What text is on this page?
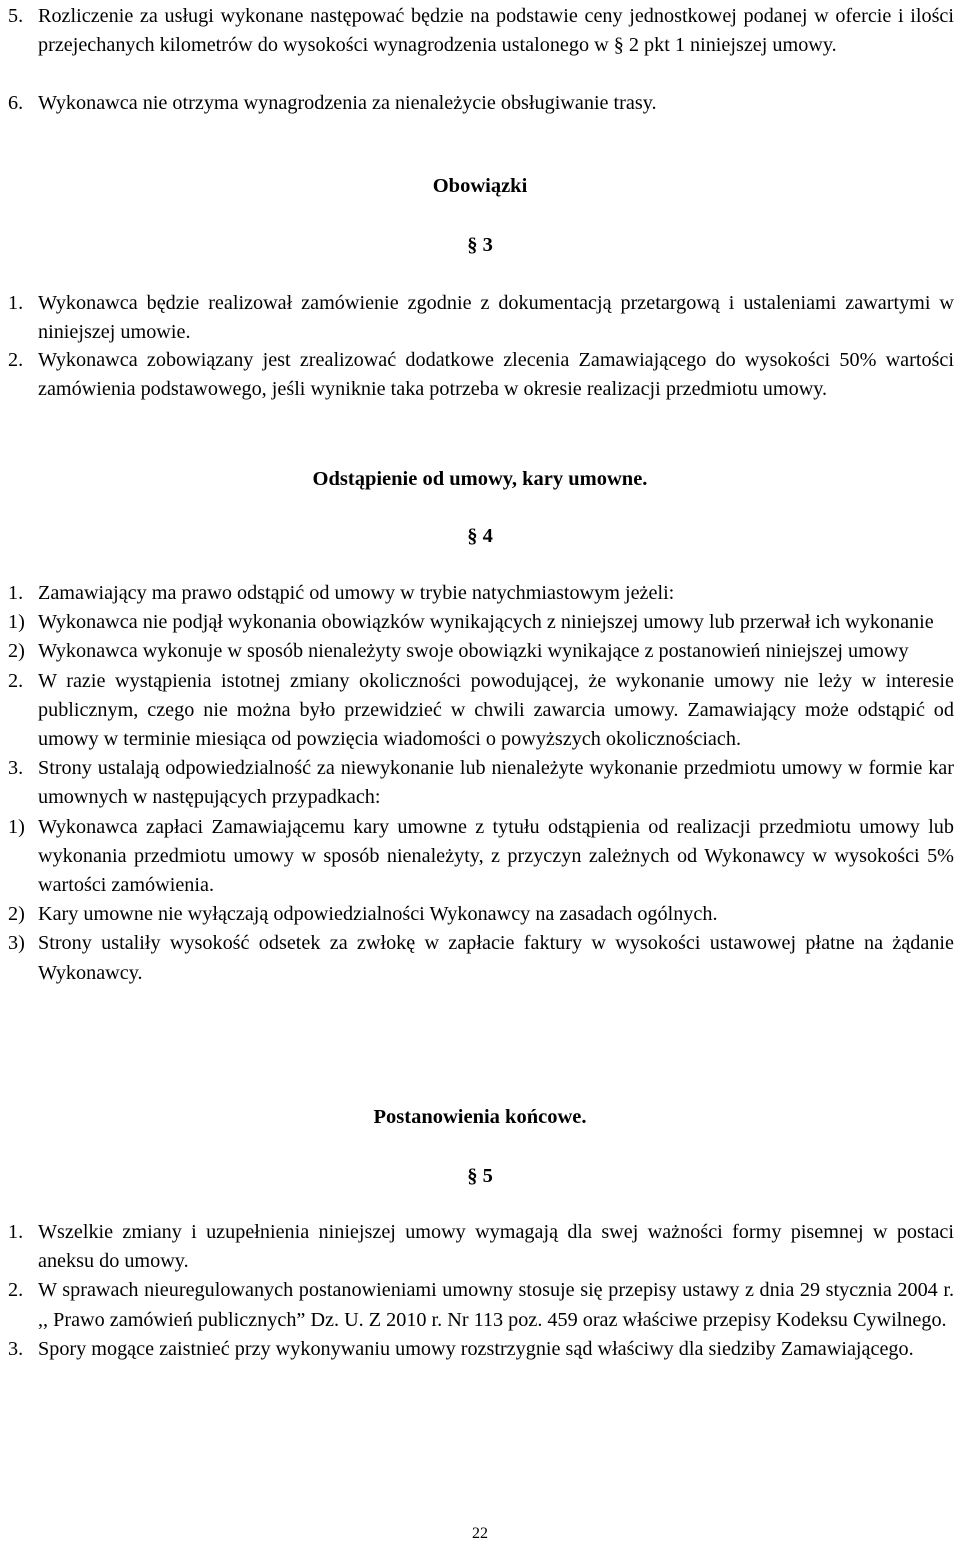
5. Rozliczenie za usługi wykonane następować będzie na podstawie ceny jednostkowej podanej w ofercie i ilości przejechanych kilometrów do wysokości wynagrodzenia ustalonego w § 2 pkt 1 niniejszej umowy.
6. Wykonawca nie otrzyma wynagrodzenia za nienależycie obsługiwanie trasy.
Obowiązki
§ 3
1. Wykonawca będzie realizował zamówienie zgodnie z dokumentacją przetargową i ustaleniami zawartymi w niniejszej umowie.
2. Wykonawca zobowiązany jest zrealizować dodatkowe zlecenia Zamawiającego do wysokości 50% wartości zamówienia podstawowego, jeśli wyniknie taka potrzeba w okresie realizacji przedmiotu umowy.
Odstąpienie od umowy, kary umowne.
§ 4
1. Zamawiający ma prawo odstąpić od umowy w trybie natychmiastowym jeżeli:
1) Wykonawca nie podjął wykonania obowiązków wynikających z niniejszej umowy lub przerwał ich wykonanie
2) Wykonawca wykonuje w sposób nienależyty swoje obowiązki wynikające z postanowień niniejszej umowy
2. W razie wystąpienia istotnej zmiany okoliczności powodującej, że wykonanie umowy nie leży w interesie publicznym, czego nie można było przewidzieć w chwili zawarcia umowy. Zamawiający może odstąpić od umowy w terminie miesiąca od powzięcia wiadomości o powyższych okolicznościach.
3. Strony ustalają odpowiedzialność za niewykonanie lub nienależyte wykonanie przedmiotu umowy w formie kar umownych w następujących przypadkach:
1) Wykonawca zapłaci Zamawiającemu kary umowne z tytułu odstąpienia od realizacji przedmiotu umowy lub wykonania przedmiotu umowy w sposób nienależyty, z przyczyn zależnych od Wykonawcy w wysokości 5% wartości zamówienia.
2) Kary umowne nie wyłączają odpowiedzialności Wykonawcy na zasadach ogólnych.
3) Strony ustaliły wysokość odsetek za zwłokę w zapłacie faktury w wysokości ustawowej płatne na żądanie Wykonawcy.
Postanowienia końcowe.
§ 5
1. Wszelkie zmiany i uzupełnienia niniejszej umowy wymagają dla swej ważności formy pisemnej w postaci aneksu do umowy.
2. W sprawach nieuregulowanych postanowieniami umowny stosuje się przepisy ustawy z dnia 29 stycznia 2004 r. ,, Prawo zamówień publicznych” Dz. U. Z 2010 r. Nr 113 poz. 459 oraz właściwe przepisy Kodeksu Cywilnego.
3. Spory mogące zaistnieć przy wykonywaniu umowy rozstrzygnie sąd właściwy dla siedziby Zamawiającego.
22
